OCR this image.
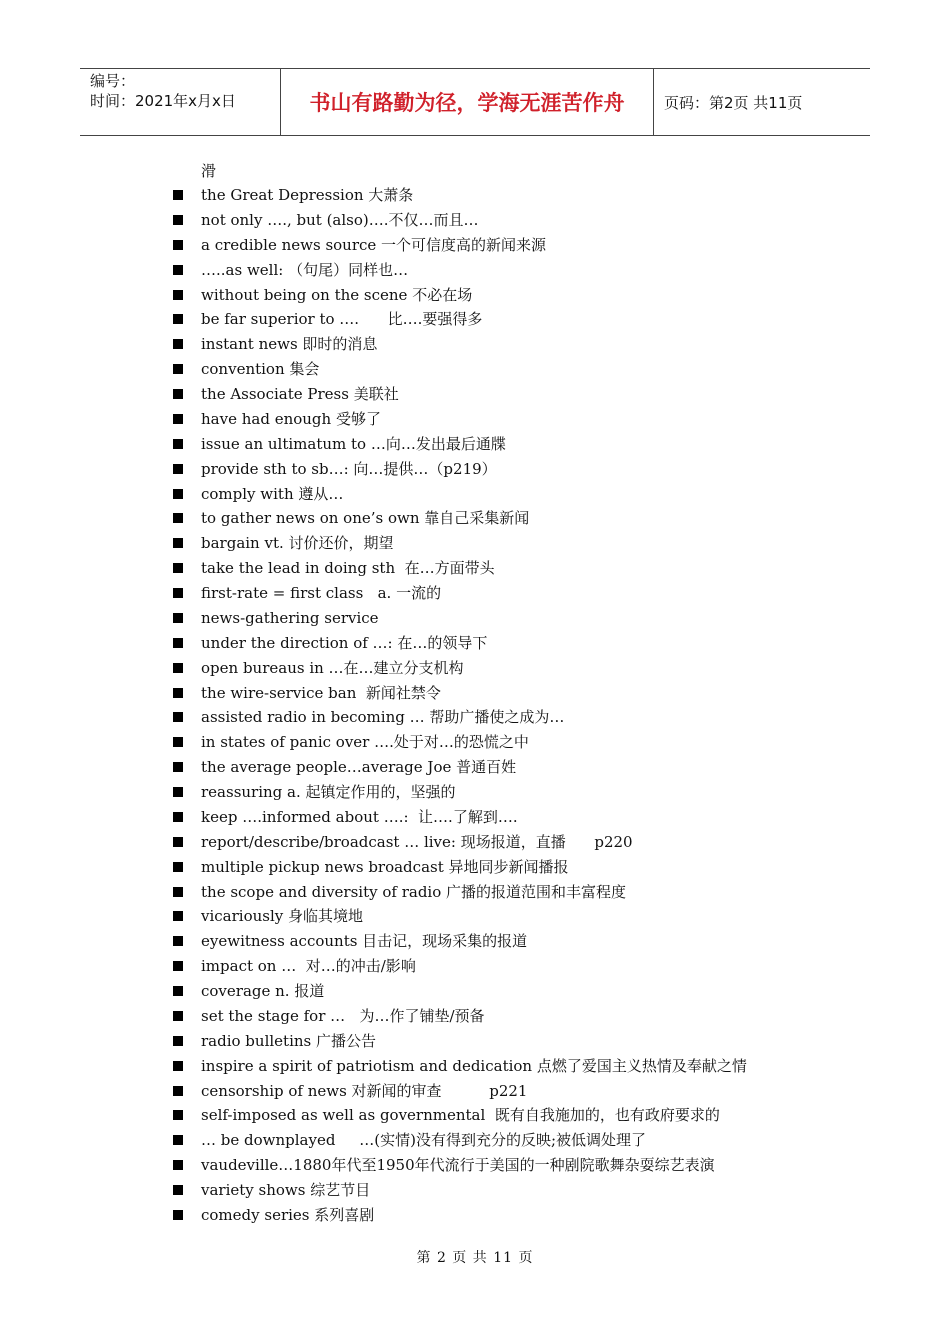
编号：
时间：2021年x月x日	书山有路勤为径，学海无涯苦作舟	页码：第2页 共11页
滑
the Great Depression 大萧条
not only …., but (also)….不仅…而且…
a credible news source 一个可信度高的新闻来源
…..as well: （句尾）同样也…
without being on the scene 不必在场
be far superior to ….      比….要强得多
instant news 即时的消息
convention 集会
the Associate Press 美联社
have had enough 受够了
issue an ultimatum to …向…发出最后通牒
provide sth to sb…: 向…提供…（p219）
comply with 遵从…
to gather news on one’s own 靠自己采集新闻
bargain vt. 讨价还价，期望
take the lead in doing sth  在…方面带头
first-rate = first class   a. 一流的
news-gathering service
under the direction of …: 在…的领导下
open bureaus in …在…建立分支机构
the wire-service ban  新闻社禁令
assisted radio in becoming … 帮助广播使之成为…
in states of panic over ….处于对…的恐慌之中
the average people…average Joe 普通百姓
reassuring a. 起镇定作用的，坚强的
keep ….informed about ….:  让….了解到….
report/describe/broadcast … live: 现场报道，直播      p220
multiple pickup news broadcast 异地同步新闻播报
the scope and diversity of radio 广播的报道范围和丰富程度
vicariously 身临其境地
eyewitness accounts 目击记，现场采集的报道
impact on …  对…的冲击/影响
coverage n. 报道
set the stage for …   为…作了铺垫/预备
radio bulletins 广播公告
inspire a spirit of patriotism and dedication 点燃了爱国主义热情及奉献之情
censorship of news 对新闻的审查          p221
self-imposed as well as governmental  既有自我施加的，也有政府要求的
… be downplayed     …(实情)没有得到充分的反映;被低调处理了
vaudeville…1880年代至1950年代流行于美国的一种剧院歌舞杂耍综艺表演
variety shows 综艺节目
comedy series 系列喜剧
第 2 页 共 11 页
